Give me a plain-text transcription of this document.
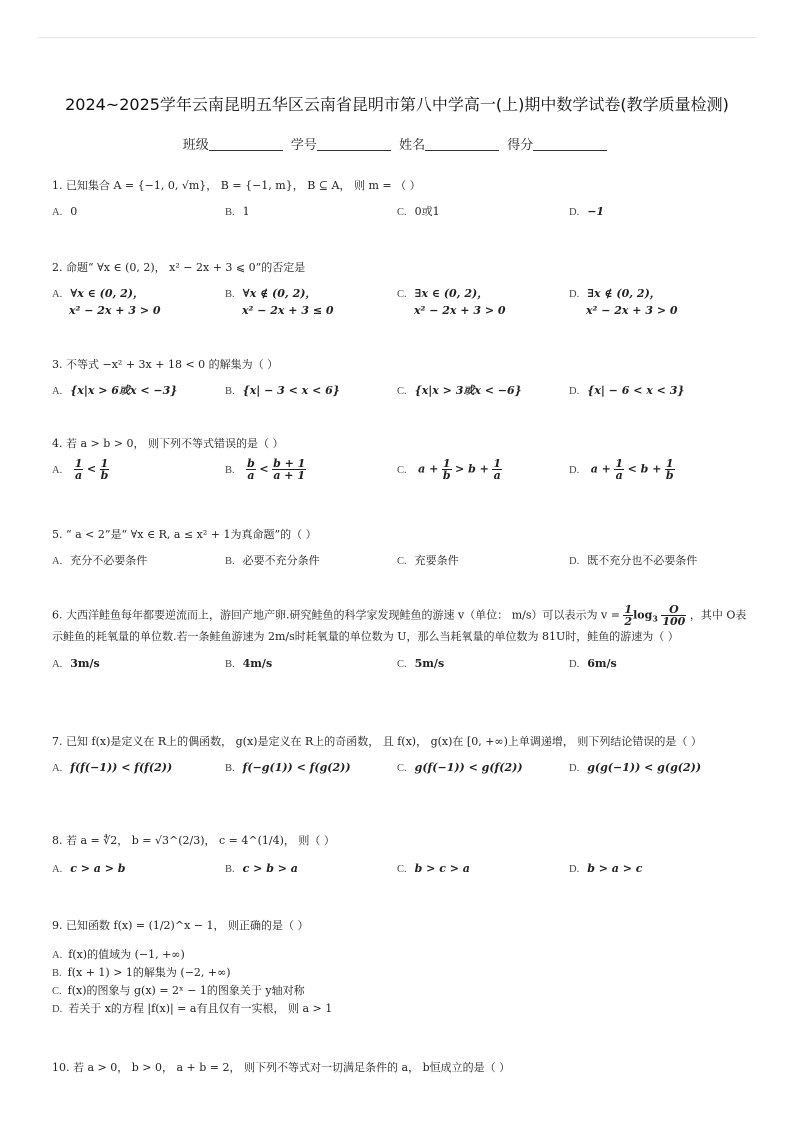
2024~2025学年云南昆明五华区云南省昆明市第八中学高一(上)期中数学试卷(教学质量检测)
班级	学号	姓名	得分
1. 已知集合 A = {−1, 0, √m}， B = {−1, m}， B ⊆ A， 则 m = （ ）
A. 0	B. 1	C. 0或1	D. −1
2. 命题“ ∀x ∈ (0, 2)， x² − 2x + 3 ⩽ 0”的否定是
A. ∀x ∈ (0, 2)，
x² − 2x + 3 > 0
B. ∀x ∉ (0, 2)，
x² − 2x + 3 ≤ 0
C. ∃x ∈ (0, 2)，
x² − 2x + 3 > 0
D. ∃x ∉ (0, 2)，
x² − 2x + 3 > 0
3. 不等式 −x² + 3x + 18 < 0 的解集为（ ）
A. {x|x > 6或x < −3}	B. {x| − 3 < x < 6}	C. {x|x > 3或x < −6}	D. {x| − 6 < x < 3}
4. 若 a > b > 0， 则下列不等式错误的是（ ）
A. $\frac{1}{a} < \frac{1}{b}$	B. $\frac{b}{a} < \frac{b + 1}{a + 1}$	C. $a + \frac{1}{b} > b + \frac{1}{a}$	D. $a + \frac{1}{a} < b + \frac{1}{b}$
5. “ a < 2”是“ ∀x ∈ R, a ≤ x² + 1为真命题”的（ ）
A. 充分不必要条件	B. 必要不充分条件	C. 充要条件	D. 既不充分也不必要条件
6. 大西洋鲑鱼每年都要逆流而上，游回产地产卵.研究鲑鱼的科学家发现鲑鱼的游速 v（单位： m/s）可以表示为 $v = \frac{1}{2} \log_3 \frac{O}{100}$ ，其中 O表示鲑鱼的耗氧量的单位数.若一条鲑鱼游速为 2m/s时耗氧量的单位数为 U，那么当耗氧量的单位数为 81U时，鲑鱼的游速为（ ）
A. 3m/s	B. 4m/s	C. 5m/s	D. 6m/s
7. 已知 f(x)是定义在 R上的偶函数， g(x)是定义在 R上的奇函数， 且 f(x)， g(x)在 [0, +∞)上单调递增， 则下列结论错误的是（ ）
A. f(f(−1)) < f(f(2))	B. f(−g(1)) < f(g(2))	C. g(f(−1)) < g(f(2))	D. g(g(−1)) < g(g(2))
8. 若 a = ∜2， b = √3^(2/3)， c = 4^(1/4)， 则（ ）
A. c > a > b	B. c > b > a	C. b > c > a	D. b > a > c
9. 已知函数 f(x) = (1/2)^x − 1， 则正确的是（ ）
A. f(x)的值域为 (−1, +∞)
B. f(x + 1) > 1的解集为 (−2, +∞)
C. f(x)的图象与 g(x) = 2ˣ − 1的图象关于 y轴对称
D. 若关于 x的方程 |f(x)| = a有且仅有一实根， 则 a > 1
10. 若 a > 0， b > 0， a + b = 2， 则下列不等式对一切满足条件的 a， b恒成立的是（ ）
